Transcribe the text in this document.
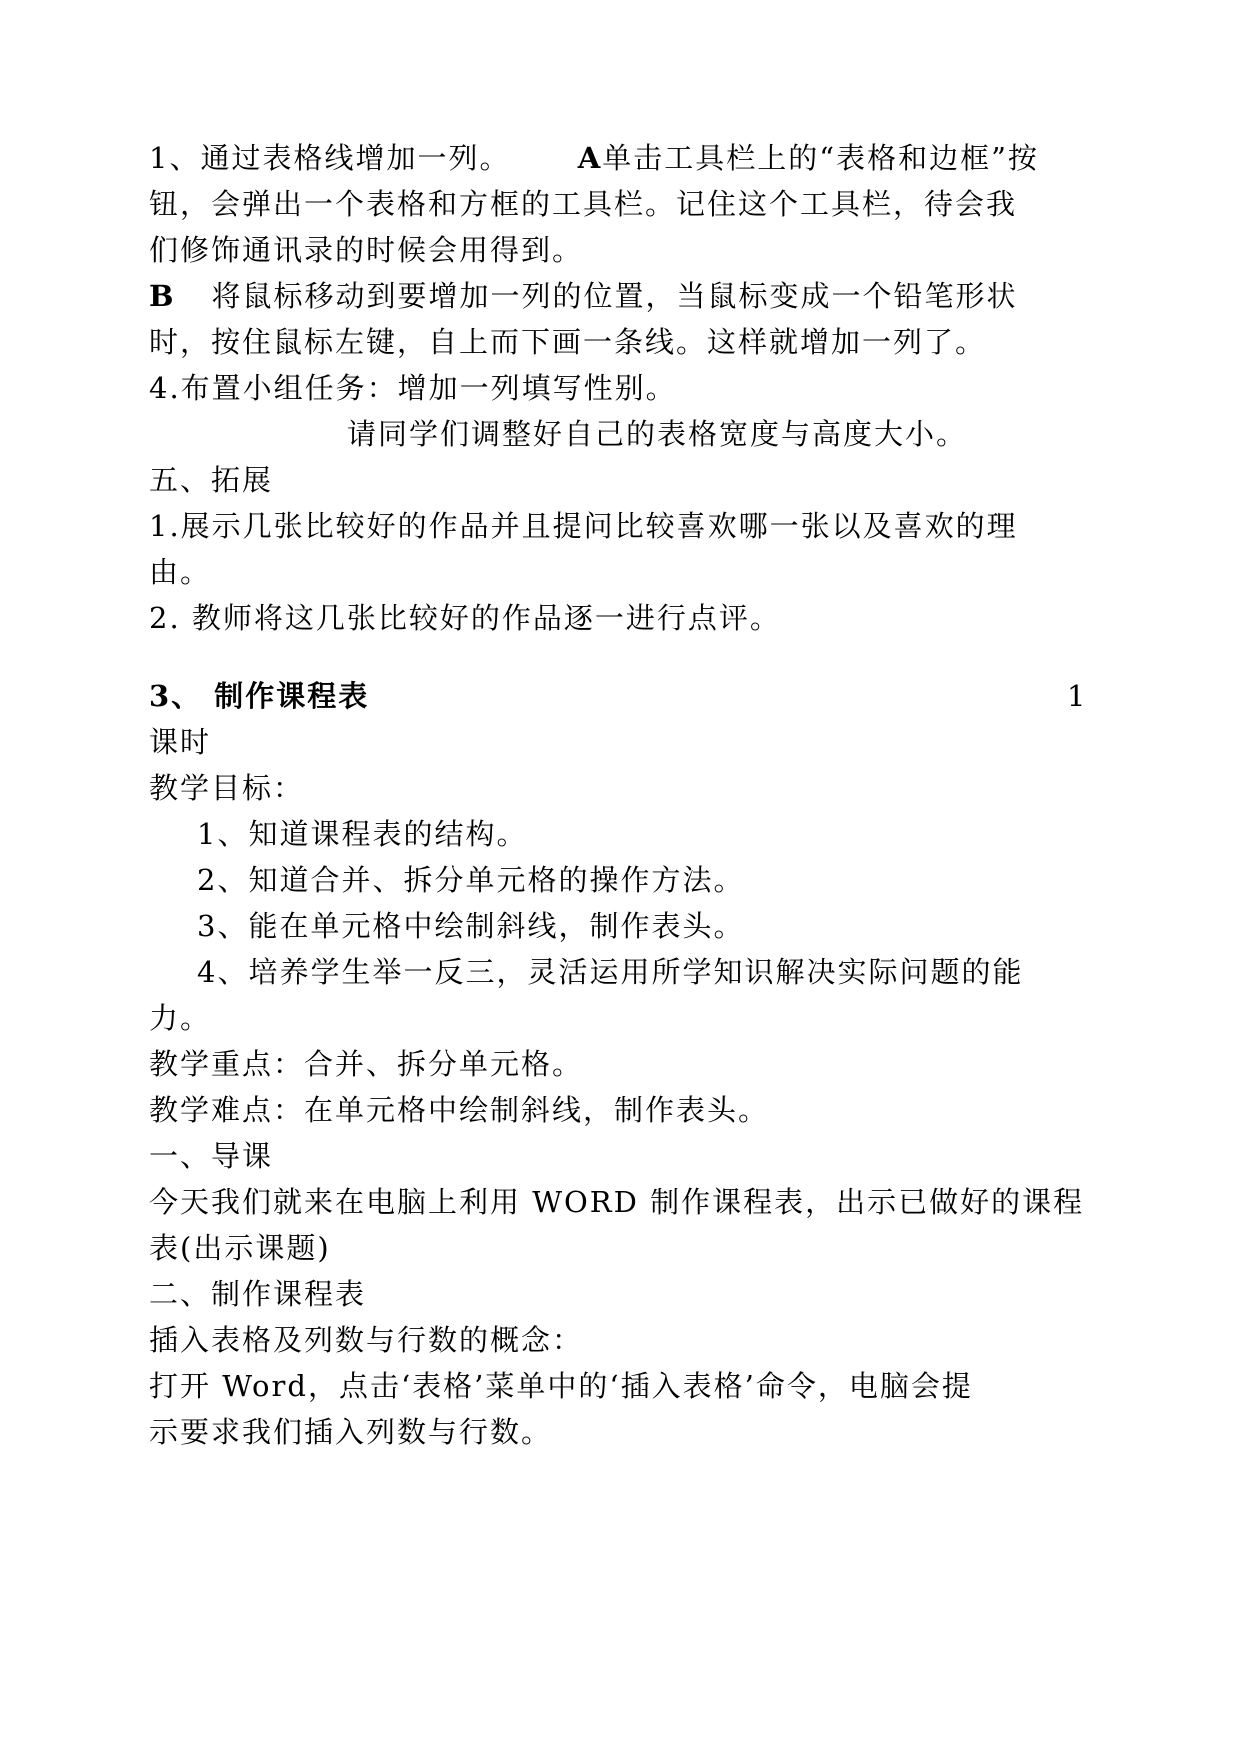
1、通过表格线增加一列。      A单击工具栏上的“表格和边框”按
钮，会弹出一个表格和方框的工具栏。记住这个工具栏，待会我
们修饰通讯录的时候会用得到。
B 将鼠标移动到要增加一列的位置，当鼠标变成一个铅笔形状
时，按住鼠标左键，自上而下画一条线。这样就增加一列了。
4.布置小组任务：增加一列填写性别。
请同学们调整好自己的表格宽度与高度大小。
五、拓展
1.展示几张比较好的作品并且提问比较喜欢哪一张以及喜欢的理
由。
2. 教师将这几张比较好的作品逐一进行点评。
3、 制作课程表	1
课时
教学目标：
1、知道课程表的结构。
2、知道合并、拆分单元格的操作方法。
3、能在单元格中绘制斜线，制作表头。
4、培养学生举一反三，灵活运用所学知识解决实际问题的能
力。
教学重点：合并、拆分单元格。
教学难点：在单元格中绘制斜线，制作表头。
一、导课
今天我们就来在电脑上利用 WORD 制作课程表，出示已做好的课程
表(出示课题)
二、制作课程表
插入表格及列数与行数的概念：
打开 Word，点击‘表格’菜单中的‘插入表格’命令，电脑会提
示要求我们插入列数与行数。
